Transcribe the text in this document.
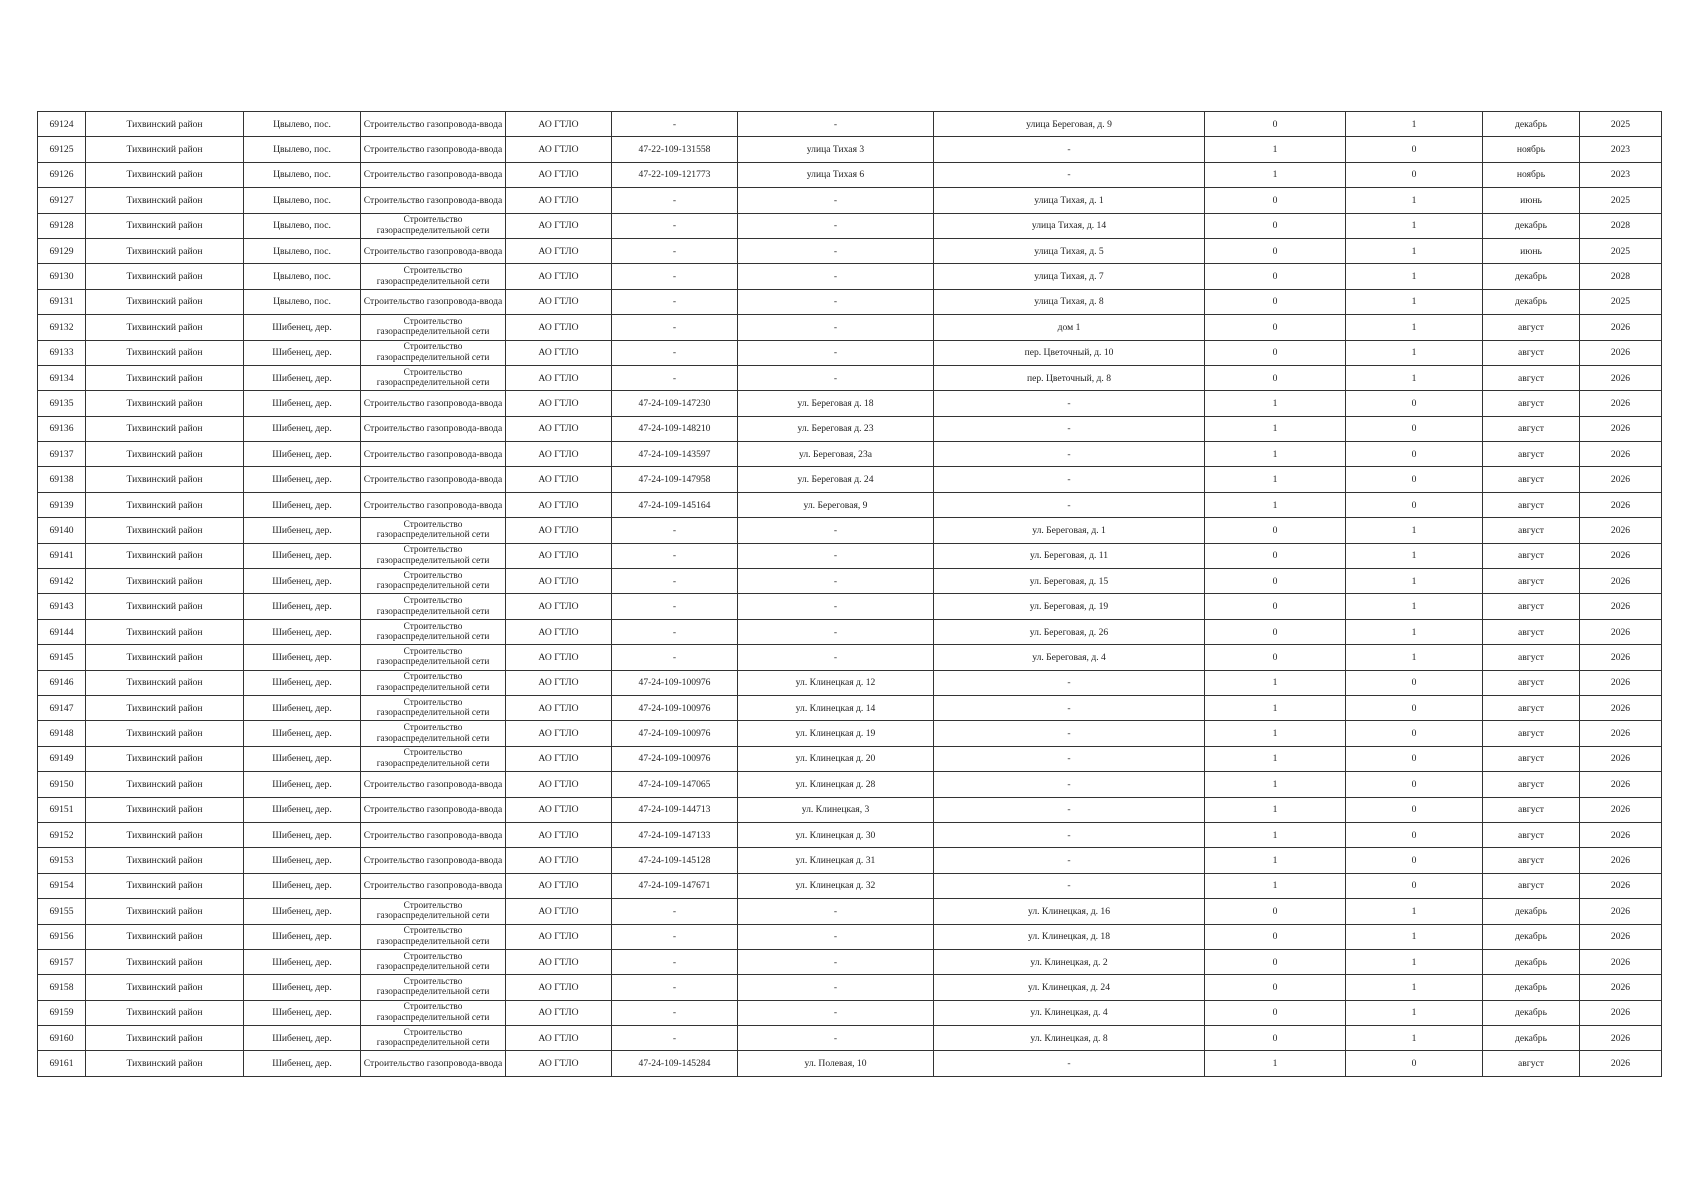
69124	Тихвинский район	Цвылево, пос.	Строительство газопровода-ввода	АО ГТЛО	-	-	улица Береговая, д. 9	0	1	декабрь	2025
69125	Тихвинский район	Цвылево, пос.	Строительство газопровода-ввода	АО ГТЛО	47-22-109-131558	улица Тихая 3	-	1	0	ноябрь	2023
69126	Тихвинский район	Цвылево, пос.	Строительство газопровода-ввода	АО ГТЛО	47-22-109-121773	улица Тихая 6	-	1	0	ноябрь	2023
69127	Тихвинский район	Цвылево, пос.	Строительство газопровода-ввода	АО ГТЛО	-	-	улица Тихая, д. 1	0	1	июнь	2025
69128	Тихвинский район	Цвылево, пос.	Строительство газораспределительной сети	АО ГТЛО	-	-	улица Тихая, д. 14	0	1	декабрь	2028
69129	Тихвинский район	Цвылево, пос.	Строительство газопровода-ввода	АО ГТЛО	-	-	улица Тихая, д. 5	0	1	июнь	2025
69130	Тихвинский район	Цвылево, пос.	Строительство газораспределительной сети	АО ГТЛО	-	-	улица Тихая, д. 7	0	1	декабрь	2028
69131	Тихвинский район	Цвылево, пос.	Строительство газопровода-ввода	АО ГТЛО	-	-	улица Тихая, д. 8	0	1	декабрь	2025
69132	Тихвинский район	Шибенец, дер.	Строительство газораспределительной сети	АО ГТЛО	-	-	дом 1	0	1	август	2026
69133	Тихвинский район	Шибенец, дер.	Строительство газораспределительной сети	АО ГТЛО	-	-	пер. Цветочный, д. 10	0	1	август	2026
69134	Тихвинский район	Шибенец, дер.	Строительство газораспределительной сети	АО ГТЛО	-	-	пер. Цветочный, д. 8	0	1	август	2026
69135	Тихвинский район	Шибенец, дер.	Строительство газопровода-ввода	АО ГТЛО	47-24-109-147230	ул. Береговая д. 18	-	1	0	август	2026
69136	Тихвинский район	Шибенец, дер.	Строительство газопровода-ввода	АО ГТЛО	47-24-109-148210	ул. Береговая д. 23	-	1	0	август	2026
69137	Тихвинский район	Шибенец, дер.	Строительство газопровода-ввода	АО ГТЛО	47-24-109-143597	ул. Береговая, 23а	-	1	0	август	2026
69138	Тихвинский район	Шибенец, дер.	Строительство газопровода-ввода	АО ГТЛО	47-24-109-147958	ул. Береговая д. 24	-	1	0	август	2026
69139	Тихвинский район	Шибенец, дер.	Строительство газопровода-ввода	АО ГТЛО	47-24-109-145164	ул. Береговая, 9	-	1	0	август	2026
69140	Тихвинский район	Шибенец, дер.	Строительство газораспределительной сети	АО ГТЛО	-	-	ул. Береговая, д. 1	0	1	август	2026
69141	Тихвинский район	Шибенец, дер.	Строительство газораспределительной сети	АО ГТЛО	-	-	ул. Береговая, д. 11	0	1	август	2026
69142	Тихвинский район	Шибенец, дер.	Строительство газораспределительной сети	АО ГТЛО	-	-	ул. Береговая, д. 15	0	1	август	2026
69143	Тихвинский район	Шибенец, дер.	Строительство газораспределительной сети	АО ГТЛО	-	-	ул. Береговая, д. 19	0	1	август	2026
69144	Тихвинский район	Шибенец, дер.	Строительство газораспределительной сети	АО ГТЛО	-	-	ул. Береговая, д. 26	0	1	август	2026
69145	Тихвинский район	Шибенец, дер.	Строительство газораспределительной сети	АО ГТЛО	-	-	ул. Береговая, д. 4	0	1	август	2026
69146	Тихвинский район	Шибенец, дер.	Строительство газораспределительной сети	АО ГТЛО	47-24-109-100976	ул. Клинецкая д. 12	-	1	0	август	2026
69147	Тихвинский район	Шибенец, дер.	Строительство газораспределительной сети	АО ГТЛО	47-24-109-100976	ул. Клинецкая д. 14	-	1	0	август	2026
69148	Тихвинский район	Шибенец, дер.	Строительство газораспределительной сети	АО ГТЛО	47-24-109-100976	ул. Клинецкая д. 19	-	1	0	август	2026
69149	Тихвинский район	Шибенец, дер.	Строительство газораспределительной сети	АО ГТЛО	47-24-109-100976	ул. Клинецкая д. 20	-	1	0	август	2026
69150	Тихвинский район	Шибенец, дер.	Строительство газопровода-ввода	АО ГТЛО	47-24-109-147065	ул. Клинецкая д. 28	-	1	0	август	2026
69151	Тихвинский район	Шибенец, дер.	Строительство газопровода-ввода	АО ГТЛО	47-24-109-144713	ул. Клинецкая, 3	-	1	0	август	2026
69152	Тихвинский район	Шибенец, дер.	Строительство газопровода-ввода	АО ГТЛО	47-24-109-147133	ул. Клинецкая д. 30	-	1	0	август	2026
69153	Тихвинский район	Шибенец, дер.	Строительство газопровода-ввода	АО ГТЛО	47-24-109-145128	ул. Клинецкая д. 31	-	1	0	август	2026
69154	Тихвинский район	Шибенец, дер.	Строительство газопровода-ввода	АО ГТЛО	47-24-109-147671	ул. Клинецкая д. 32	-	1	0	август	2026
69155	Тихвинский район	Шибенец, дер.	Строительство газораспределительной сети	АО ГТЛО	-	-	ул. Клинецкая, д. 16	0	1	декабрь	2026
69156	Тихвинский район	Шибенец, дер.	Строительство газораспределительной сети	АО ГТЛО	-	-	ул. Клинецкая, д. 18	0	1	декабрь	2026
69157	Тихвинский район	Шибенец, дер.	Строительство газораспределительной сети	АО ГТЛО	-	-	ул. Клинецкая, д. 2	0	1	декабрь	2026
69158	Тихвинский район	Шибенец, дер.	Строительство газораспределительной сети	АО ГТЛО	-	-	ул. Клинецкая, д. 24	0	1	декабрь	2026
69159	Тихвинский район	Шибенец, дер.	Строительство газораспределительной сети	АО ГТЛО	-	-	ул. Клинецкая, д. 4	0	1	декабрь	2026
69160	Тихвинский район	Шибенец, дер.	Строительство газораспределительной сети	АО ГТЛО	-	-	ул. Клинецкая, д. 8	0	1	декабрь	2026
69161	Тихвинский район	Шибенец, дер.	Строительство газопровода-ввода	АО ГТЛО	47-24-109-145284	ул. Полевая, 10	-	1	0	август	2026
